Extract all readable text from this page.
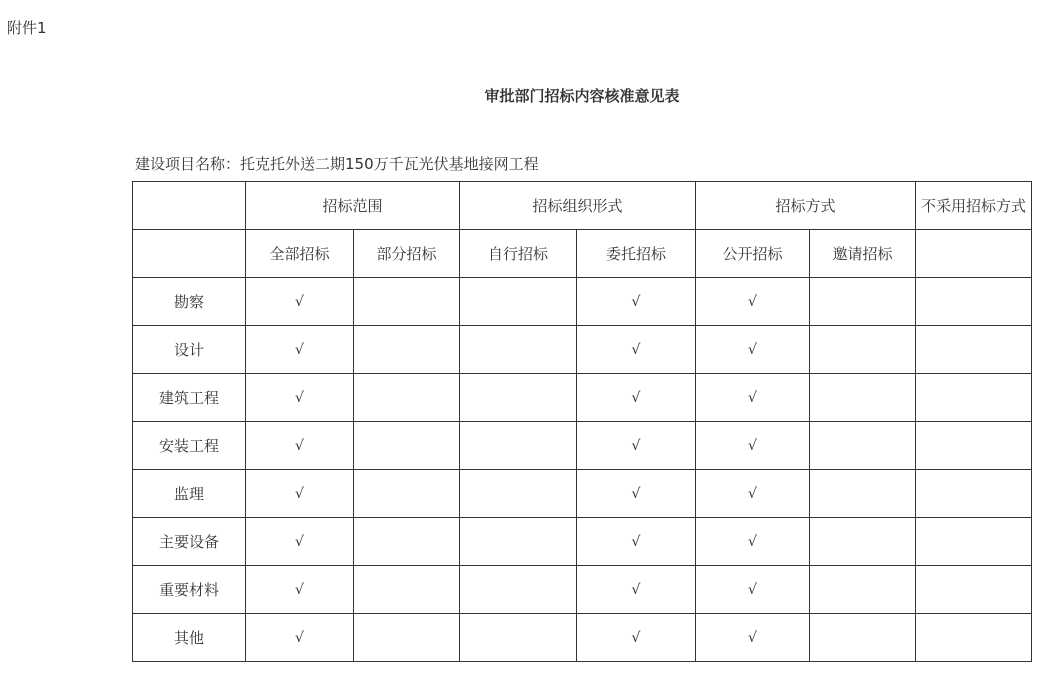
附件1
审批部门招标内容核准意见表
建设项目名称：托克托外送二期150万千瓦光伏基地接网工程
	招标范围		招标组织形式		招标方式		不采用招标方式
	全部招标	部分招标	自行招标	委托招标	公开招标	邀请招标	
勘察	√			√	√		
设计	√			√	√		
建筑工程	√			√	√		
安装工程	√			√	√		
监理	√			√	√		
主要设备	√			√	√		
重要材料	√			√	√		
其他	√			√	√		
